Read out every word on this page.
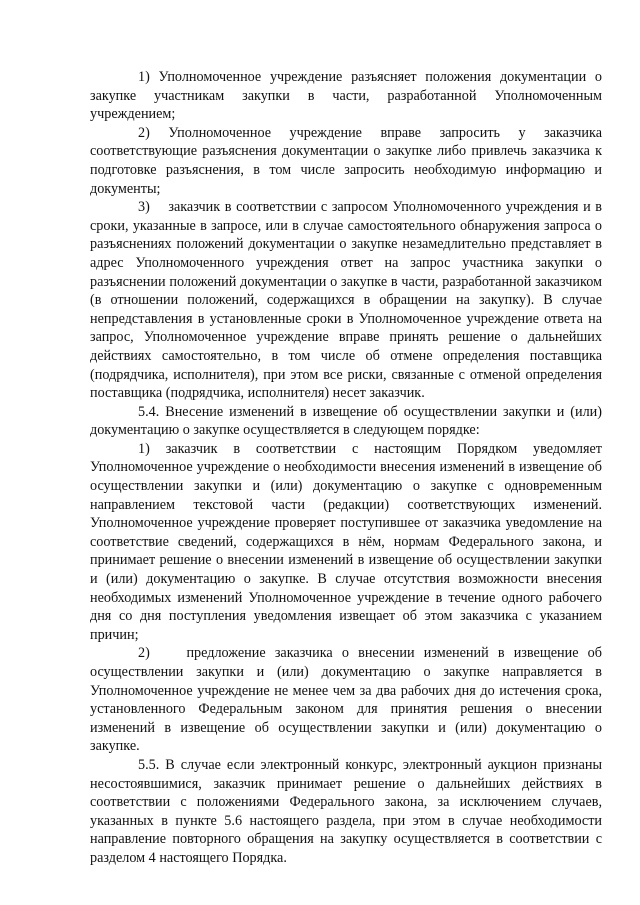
1) Уполномоченное учреждение разъясняет положения документации о закупке участникам закупки в части, разработанной Уполномоченным учреждением;

2) Уполномоченное учреждение вправе запросить у заказчика соответствующие разъяснения документации о закупке либо привлечь заказчика к подготовке разъяснения, в том числе запросить необходимую информацию и документы;

3)    заказчик в соответствии с запросом Уполномоченного учреждения и в сроки, указанные в запросе, или в случае самостоятельного обнаружения запроса о разъяснениях положений документации о закупке незамедлительно представляет в адрес Уполномоченного учреждения ответ на запрос участника закупки о разъяснении положений документации о закупке в части, разработанной заказчиком (в отношении положений, содержащихся в обращении на закупку). В случае непредставления в установленные сроки в Уполномоченное учреждение ответа на запрос, Уполномоченное учреждение вправе принять решение о дальнейших действиях самостоятельно, в том числе об отмене определения поставщика (подрядчика, исполнителя), при этом все риски, связанные с отменой определения поставщика (подрядчика, исполнителя) несет заказчик.

5.4. Внесение изменений в извещение об осуществлении закупки и (или) документацию о закупке осуществляется в следующем порядке:

1) заказчик в соответствии с настоящим Порядком уведомляет Уполномоченное учреждение о необходимости внесения изменений в извещение об осуществлении закупки и (или) документацию о закупке с одновременным направлением текстовой части (редакции) соответствующих изменений. Уполномоченное учреждение проверяет поступившее от заказчика уведомление на соответствие сведений, содержащихся в нём, нормам Федерального закона, и принимает решение о внесении изменений в извещение об осуществлении закупки и (или) документацию о закупке. В случае отсутствия возможности внесения необходимых изменений Уполномоченное учреждение в течение одного рабочего дня со дня поступления уведомления извещает об этом заказчика с указанием причин;

2)    предложение заказчика о внесении изменений в извещение об осуществлении закупки и (или) документацию о закупке направляется в Уполномоченное учреждение не менее чем за два рабочих дня до истечения срока, установленного Федеральным законом для принятия решения о внесении изменений в извещение об осуществлении закупки и (или) документацию о закупке.

5.5. В случае если электронный конкурс, электронный аукцион признаны несостоявшимися, заказчик принимает решение о дальнейших действиях в соответствии с положениями Федерального закона, за исключением случаев, указанных в пункте 5.6 настоящего раздела, при этом в случае необходимости направление повторного обращения на закупку осуществляется в соответствии с разделом 4 настоящего Порядка.
